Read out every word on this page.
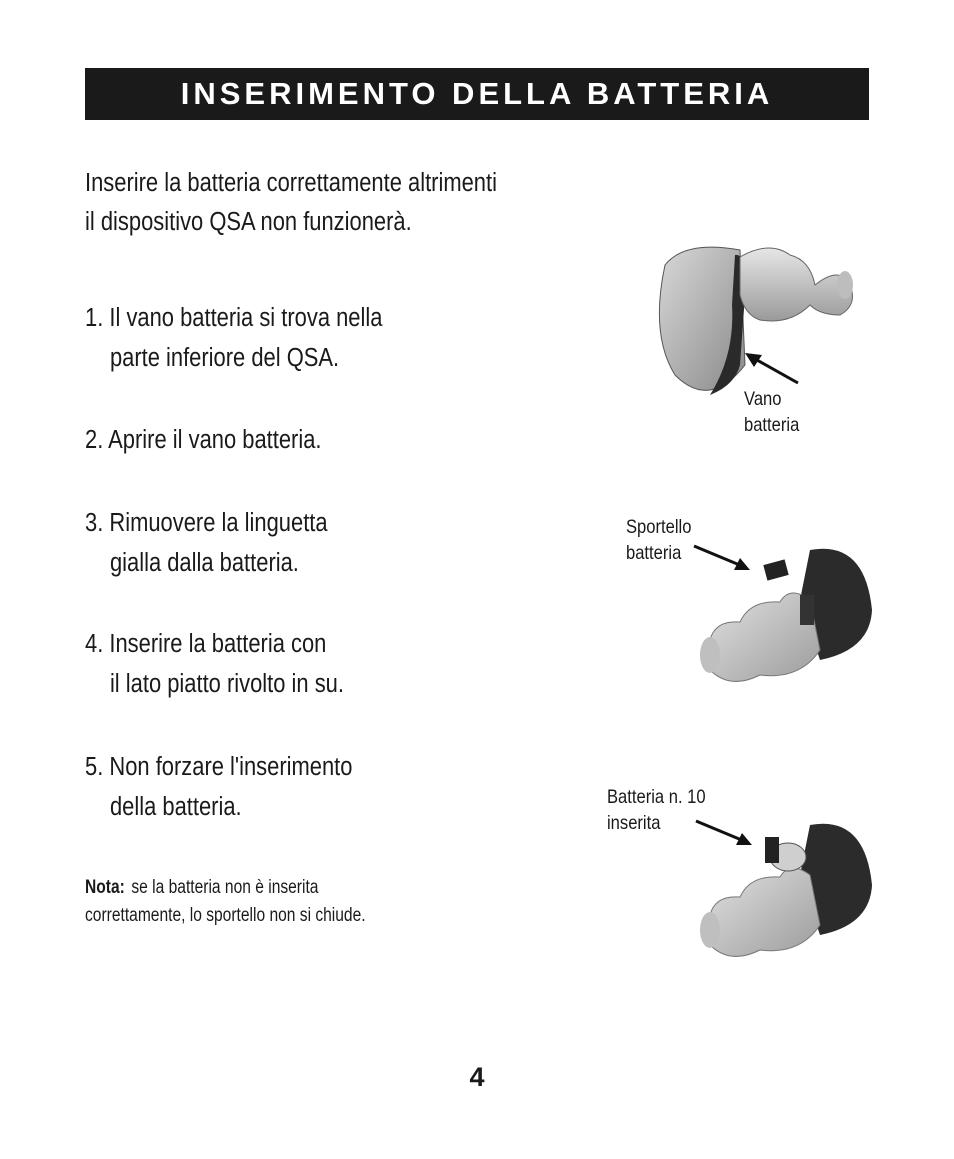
INSERIMENTO DELLA BATTERIA
Inserire la batteria correttamente altrimenti
il dispositivo QSA non funzionerà.
1. Il vano batteria si trova nella
parte inferiore del QSA.
2. Aprire il vano batteria.
3. Rimuovere la linguetta
gialla dalla batteria.
4. Inserire la batteria con
il lato piatto rivolto in su.
5. Non forzare l'inserimento
della batteria.
Nota: se la batteria non è inserita
correttamente, lo sportello non si chiude.
Vano
batteria
Sportello
batteria
Batteria n. 10
inserita
4
